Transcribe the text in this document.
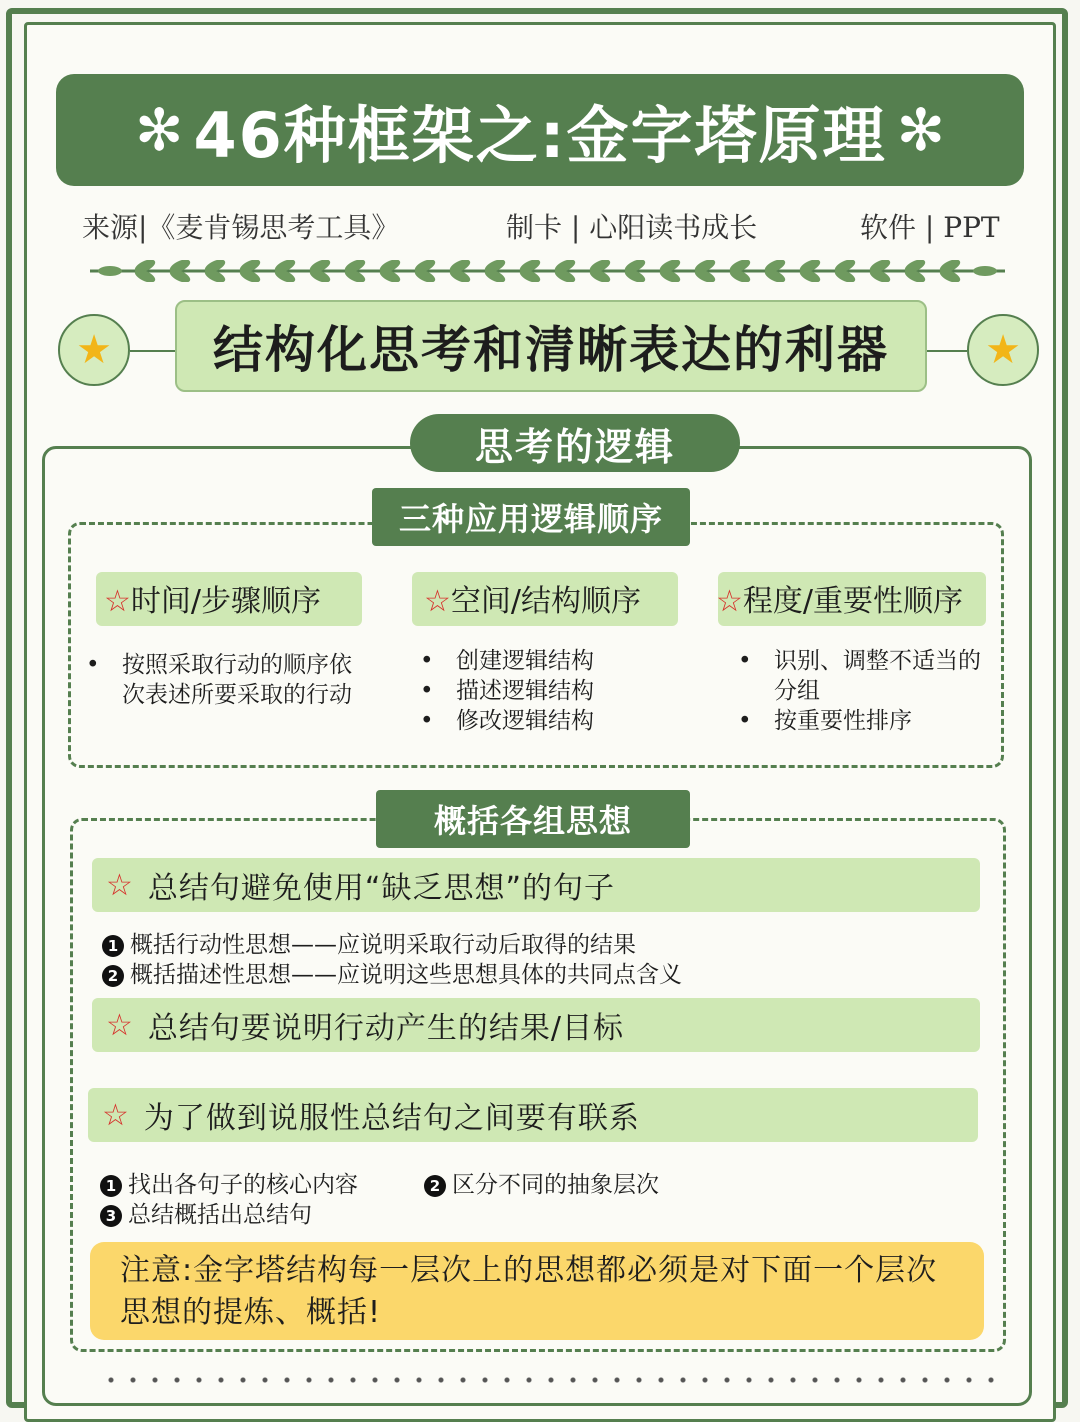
✻ 46种框架之:金字塔原理 ✻
来源|《麦肯锡思考工具》	制卡 | 心阳读书成长	软件 | PPT
★	结构化思考和清晰表达的利器	★
思考的逻辑
三种应用逻辑顺序
☆时间/步骤顺序
• 按照采取行动的顺序依次表述所要采取的行动
☆空间/结构顺序
• 创建逻辑结构
• 描述逻辑结构
• 修改逻辑结构
☆程度/重要性顺序
• 识别、调整不适当的分组
• 按重要性排序
概括各组思想
☆ 总结句避免使用“缺乏思想”的句子
1 概括行动性思想——应说明采取行动后取得的结果
2 概括描述性思想——应说明这些思想具体的共同点含义
☆ 总结句要说明行动产生的结果/目标
☆ 为了做到说服性总结句之间要有联系
1 找出各句子的核心内容	2 区分不同的抽象层次
3 总结概括出总结句
注意:金字塔结构每一层次上的思想都必须是对下面一个层次思想的提炼、概括!
